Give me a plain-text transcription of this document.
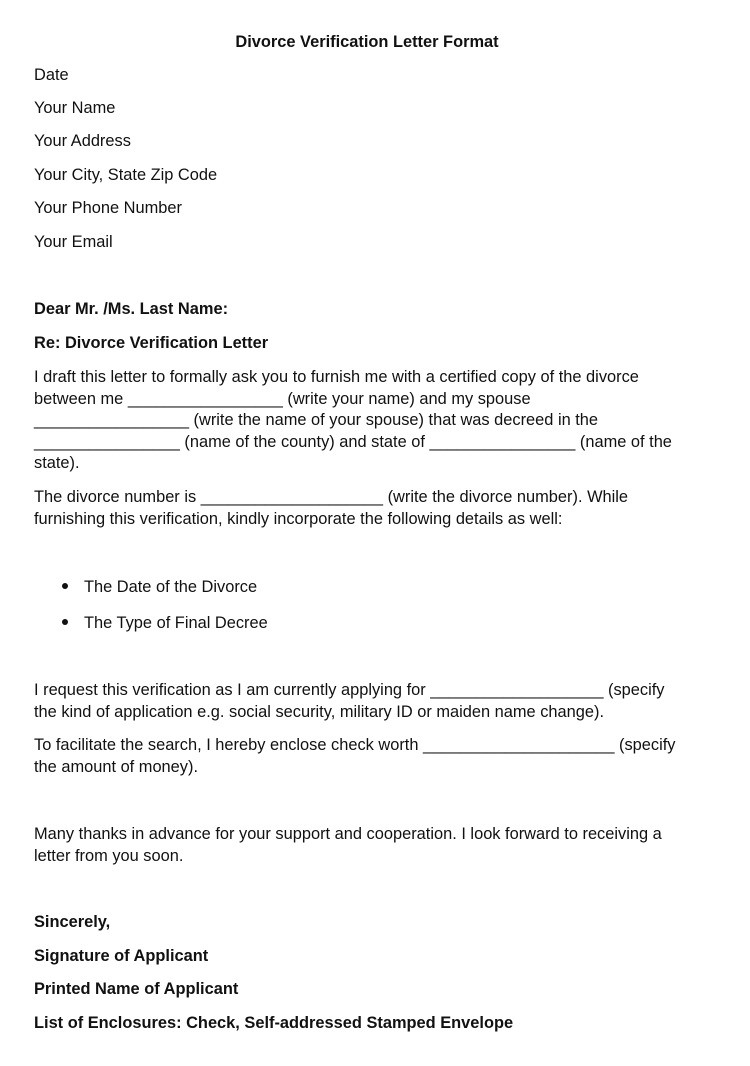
Divorce Verification Letter Format
Date
Your Name
Your Address
Your City, State Zip Code
Your Phone Number
Your Email
Dear Mr. /Ms. Last Name:
Re: Divorce Verification Letter
I draft this letter to formally ask you to furnish me with a certified copy of the divorce
between me _________________ (write your name) and my spouse
_________________ (write the name of your spouse) that was decreed in the
________________ (name of the county) and state of ________________ (name of the
state).
The divorce number is ____________________ (write the divorce number). While
furnishing this verification, kindly incorporate the following details as well:
The Date of the Divorce
The Type of Final Decree
I request this verification as I am currently applying for ___________________ (specify
the kind of application e.g. social security, military ID or maiden name change).
To facilitate the search, I hereby enclose check worth _____________________ (specify
the amount of money).
Many thanks in advance for your support and cooperation. I look forward to receiving a
letter from you soon.
Sincerely,
Signature of Applicant
Printed Name of Applicant
List of Enclosures: Check, Self-addressed Stamped Envelope
